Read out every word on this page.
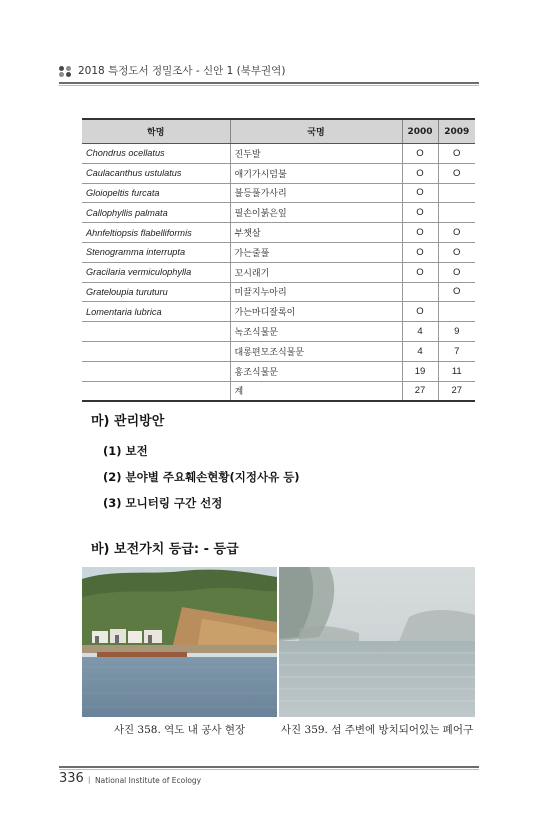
2018 특정도서 정밀조사 - 신안 1 (북부권역)
학명	국명	2000	2009
Chondrus ocellatus	진두발	O	O
Caulacanthus ustulatus	애기가시덤불	O	O
Gloiopeltis furcata	불등풀가사리	O	
Callophyllis palmata	필손이붉은잎	O	
Ahnfeltiopsis flabelliformis	부챗살	O	O
Stenogramma interrupta	가는줄풀	O	O
Gracilaria vermiculophylla	꼬시래기	O	O
Grateloupia turuturu	미끌지누아리		O
Lomentaria lubrica	가는마디잘록이	O	
	녹조식물문	4	9
	대롱편모조식물문	4	7
	홍조식물문	19	11
	계	27	27
마) 관리방안
(1) 보전
(2) 분야별 주요훼손현황(지정사유 등)
(3) 모니터링 구간 선정
바) 보전가치 등급: - 등급
사진 358. 역도 내 공사 현장	사진 359. 섬 주변에 방치되어있는 폐어구
336 | National Institute of Ecology
